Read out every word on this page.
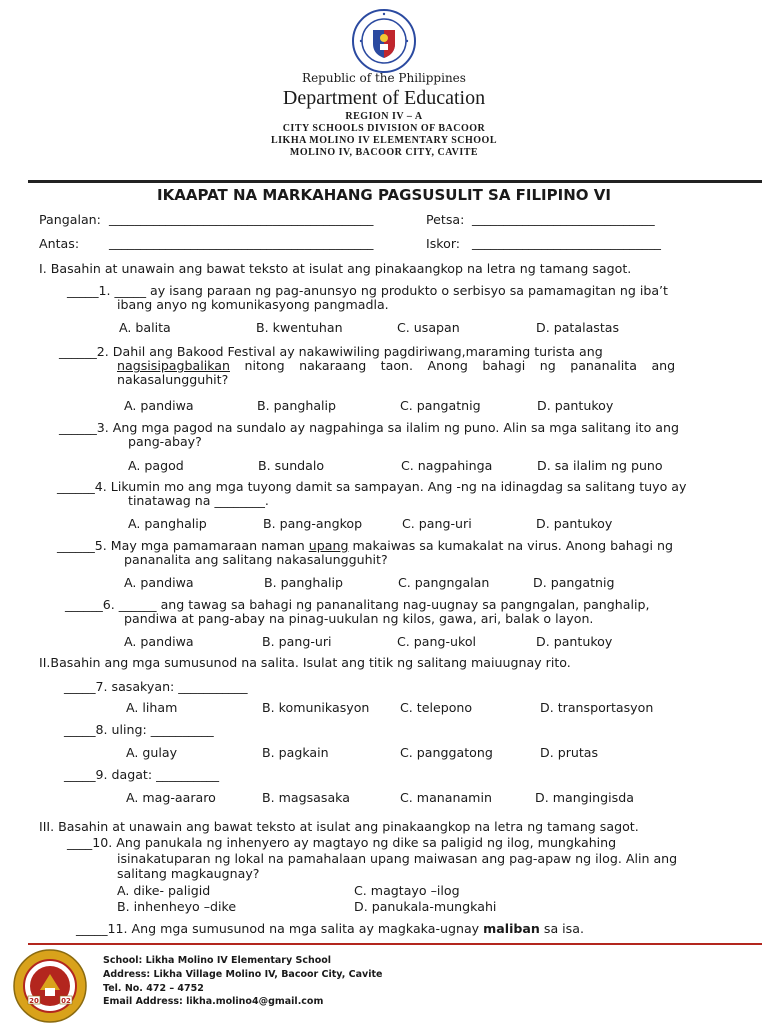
Republic of the Philippines
Department of Education
REGION IV – A
CITY SCHOOLS DIVISION OF BACOOR
LIKHA MOLINO IV ELEMENTARY SCHOOL
MOLINO IV, BACOOR CITY, CAVITE
IKAAPAT NA MARKAHANG PAGSUSULIT SA FILIPINO VI
Pangalan: __________________________________________	Petsa: _____________________________
Antas: __________________________________________	Iskor: ______________________________
I. Basahin at unawain ang bawat teksto at isulat ang pinakaangkop na letra ng tamang sagot.
_____1. _____ ay isang paraan ng pag-anunsyo ng produkto o serbisyo sa pamamagitan ng iba’t
ibang anyo ng komunikasyong pangmadla.
A. balita	B. kwentuhan	C. usapan	D. patalastas
______2. Dahil ang Bakood Festival ay nakawiwiling pagdiriwang,maraming turista ang
nagsisipagbalikan nitong nakaraang taon. Anong bahagi ng pananalita ang
nakasalungguhit?
A. pandiwa	B. panghalip	C. pangatnig	D. pantukoy
______3. Ang mga pagod na sundalo ay nagpahinga sa ilalim ng puno. Alin sa mga salitang ito ang
pang-abay?
A. pagod	B. sundalo	C. nagpahinga	D. sa ilalim ng puno
______4. Likumin mo ang mga tuyong damit sa sampayan. Ang -ng na idinagdag sa salitang tuyo ay
tinatawag na ________.
A. panghalip	B. pang-angkop	C. pang-uri	D. pantukoy
______5. May mga pamamaraan naman upang makaiwas sa kumakalat na virus. Anong bahagi ng
pananalita ang salitang nakasalungguhit?
A. pandiwa	B. panghalip	C. pangngalan	D. pangatnig
______6. ______ ang tawag sa bahagi ng pananalitang nag-uugnay sa pangngalan, panghalip,
pandiwa at pang-abay na pinag-uukulan ng kilos, gawa, ari, balak o layon.
A. pandiwa	B. pang-uri	C. pang-ukol	D. pantukoy
II.Basahin ang mga sumusunod na salita. Isulat ang titik ng salitang maiuugnay rito.
_____7. sasakyan: ___________
A. liham	B. komunikasyon C. telepono	D. transportasyon
_____8. uling: __________
A. gulay	B. pagkain	C. panggatong	D. prutas
_____9. dagat: __________
A. mag-aararo	B. magsasaka	C. mananamin	D. mangingisda
III. Basahin at unawain ang bawat teksto at isulat ang pinakaangkop na letra ng tamang sagot.
____10. Ang panukala ng inhenyero ay magtayo ng dike sa paligid ng ilog, mungkahing
isinakatuparan ng lokal na pamahalaan upang maiwasan ang pag-apaw ng ilog. Alin ang
salitang magkaugnay?
A. dike- paligid	C. magtayo –ilog
B. inhenheyo –dike	D. panukala-mungkahi
_____11. Ang mga sumusunod na mga salita ay magkaka-ugnay maliban sa isa.
20	02
School: Likha Molino IV Elementary School
Address: Likha Village Molino IV, Bacoor City, Cavite
Tel. No. 472 – 4752
Email Address: likha.molino4@gmail.com
